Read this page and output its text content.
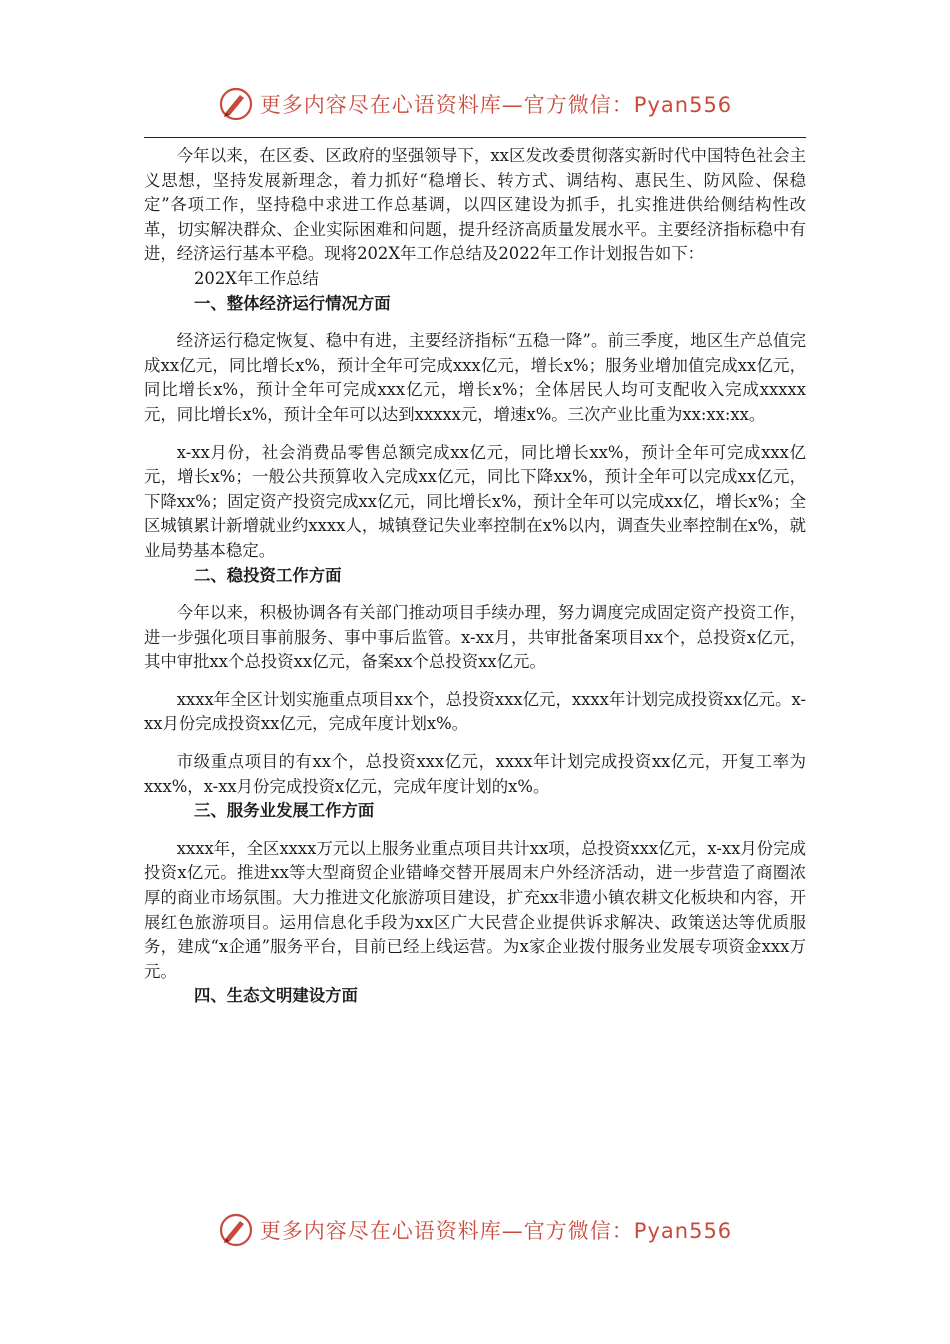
更多内容尽在心语资料库—官方微信：Pyan556

今年以来，在区委、区政府的坚强领导下，xx区发改委贯彻落实新时代中国特色社会主义思想，坚持发展新理念，着力抓好“稳增长、转方式、调结构、惠民生、防风险、保稳定”各项工作，坚持稳中求进工作总基调，以四区建设为抓手，扎实推进供给侧结构性改革，切实解决群众、企业实际困难和问题，提升经济高质量发展水平。主要经济指标稳中有进，经济运行基本平稳。现将202X年工作总结及2022年工作计划报告如下：

202X年工作总结

一、整体经济运行情况方面

经济运行稳定恢复、稳中有进，主要经济指标“五稳一降”。前三季度，地区生产总值完成xx亿元，同比增长x%，预计全年可完成xxx亿元，增长x%；服务业增加值完成xx亿元，同比增长x%，预计全年可完成xxx亿元，增长x%；全体居民人均可支配收入完成xxxxx元，同比增长x%，预计全年可以达到xxxxx元，增速x%。三次产业比重为xx:xx:xx。

x-xx月份，社会消费品零售总额完成xx亿元，同比增长xx%，预计全年可完成xxx亿元，增长x%；一般公共预算收入完成xx亿元，同比下降xx%，预计全年可以完成xx亿元，下降xx%；固定资产投资完成xx亿元，同比增长x%，预计全年可以完成xx亿，增长x%；全区城镇累计新增就业约xxxx人，城镇登记失业率控制在x%以内，调查失业率控制在x%，就业局势基本稳定。

二、稳投资工作方面

今年以来，积极协调各有关部门推动项目手续办理，努力调度完成固定资产投资工作，进一步强化项目事前服务、事中事后监管。x-xx月，共审批备案项目xx个，总投资x亿元，其中审批xx个总投资xx亿元，备案xx个总投资xx亿元。

xxxx年全区计划实施重点项目xx个，总投资xxx亿元，xxxx年计划完成投资xx亿元。x-xx月份完成投资xx亿元，完成年度计划x%。

市级重点项目的有xx个，总投资xxx亿元，xxxx年计划完成投资xx亿元，开复工率为xxx%，x-xx月份完成投资x亿元，完成年度计划的x%。

三、服务业发展工作方面

xxxx年，全区xxxx万元以上服务业重点项目共计xx项，总投资xxx亿元，x-xx月份完成投资x亿元。推进xx等大型商贸企业错峰交替开展周末户外经济活动，进一步营造了商圈浓厚的商业市场氛围。大力推进文化旅游项目建设，扩充xx非遗小镇农耕文化板块和内容，开展红色旅游项目。运用信息化手段为xx区广大民营企业提供诉求解决、政策送达等优质服务，建成“x企通”服务平台，目前已经上线运营。为x家企业拨付服务业发展专项资金xxx万元。

四、生态文明建设方面

更多内容尽在心语资料库—官方微信：Pyan556
